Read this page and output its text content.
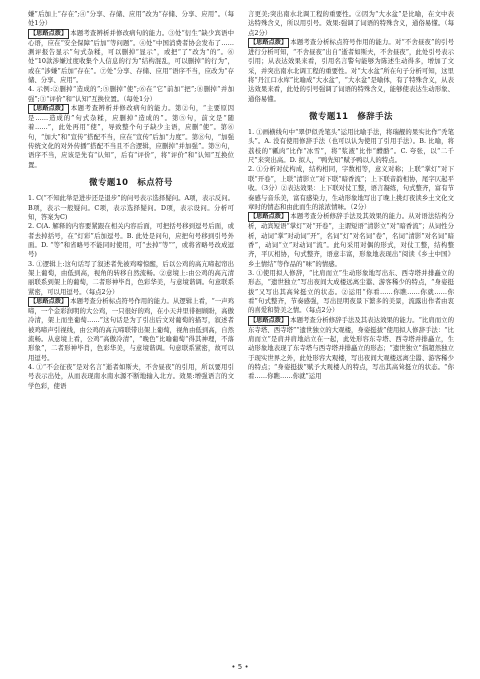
嫌”后加上“存在”;④“分享、存储、应用”改为“存储、分享、应用”。（每处1分）

【思路点拨】 本题考查辨析并修改病句的能力。③处“衍生”缺少宾语中心语，应在“安全保障”后加“等问题”。④处“中国消费者协会发布了……测评报告显示”句式杂糅，可以删掉“显示”，或把“了”改为“的”。⑥处“10款涉嫌过度收集个人信息的行为”结构混乱，可以删掉“的行为”，或在“涉嫌”后加“存在”。⑦处“分享、存储、应用”语序不当，应改为“存储、分享、应用”。

4. 示例:②删掉“造成的”;⑤删掉“使”;⑥在“它”前加“把”;⑧删掉“并加强”;③“评价”和“认知”互换位置。（每处1分）

【思路点拨】 本题考查辨析并修改病句的能力。第②句，“主要原因是……造成的”句式杂糅，应删掉“造成的”。第⑤句，前文是“随着……”，此处再用“使”，导致整个句子缺少主语，应删“使”。第⑥句，“加大”和“宣传”搭配不当，应在“宣传”后加“力度”。第⑧句，“加强传统文化的对外传播”搭配不当且不合逻辑，应删掉“并加强”。第⑨句，语序不当，应该是先有“认知”，后有“评价”，将“评价”和“认知”互换位置。

微专题10　标点符号

1. C(“不知此举是进步还是退步”的问号表示选择疑问。A项，表示反问。B项，表示一般疑问。C项，表示选择疑问。D项，表示设问。分析可知，答案为C)

2. C(A. 解释的内容要紧跟在相关内容后面，可把括号移到逗号后面，或者去掉括号，在“灯彩”后加逗号。B. 此处是问句，应把句号移到引号外面。D. “等”和省略号不能同时使用，可“去掉“等””，或将省略号改成逗号)

3. ①逻辑上:这句话写了叙述者先被鸡啼惊醒，后以公鸡的高亢啼起帘出架上葡萄，由低到高，视角的转移自然流畅。②意境上:由公鸡的高亢清丽联系到架上的葡萄，二者形神毕肖，色彩华美，与意境谐调。句意联系紧密，可以用逗号。（每点2分）

【思路点拨】 本题考查分析标点符号作用的能力。从逻辑上看，“一声鸡啼，一个金彩润明的大公鸡，一只很好的鸡，在小天井里徘徊顾盼，高傲冷清，架上而坐葡萄……”这句话是为了引出后文对葡萄的描写，叙述者被鸡啼声引视线，由公鸡的高亢啼联带出架上葡萄，视角由低到高，自然流畅。从意境上看，公鸡“高傲冷清”，“晚色”比喻葡萄“得其神理，不落形象”，二者形神毕肖，色彩华美，与意境谐调。句意联系紧密，故可以用逗号。

4. ①“不会征夜”是对名言“逝者如斯夫，不舍昼夜”的引用，所以要用引号表示出处，从而表现南水南水源不断地输入北方。效果:增强语言的文学色彩，使语

言更美;突出南水北调工程的重要性。②因为“大水盆”是比喻，在文中表达特殊含义，所以用引号。效果:强调了词语的特殊含义，通俗易懂。（每点2分）

【思路点拨】 本题考查分析标点符号作用的能力。对“不舍昼夜”的引号进行分析可知，“不舍昼夜”出自“逝者如斯夫，不舍昼夜”，此处引号表示引用；从表达效果来看，引用名言警句能够为陈述生动得多，增加了文采，并突出南水北调工程的重要性。对“大水盆”所在句子分析可知，这里将“丹江口水库”比喻成“大水盆”，“大水盆”是喻体，有了特殊含义，从表达效果来看，此处的引号强调了词语的特殊含义，能够使表达生动形象、通俗易懂。

微专题11　修辞手法

1. ①画横线句中“翠伊似秃笔头”运用比喻手法，将瑞靓的果实比作“秃笔头”。A. 没有使用修辞手法（也可以认为使用了引用手法）。B. 比喻，将荔枝的“瓤肉”比作“冰雪”，将“浆液”比作“醴酪”。C. 夸张，以“二千尺”来突出高。D. 拟人，“鸭先知”赋予鸭以人的特点。

2. ①分析对仗构成，结构相同，字数相等，意义对称；上联“掌灯”对下联“开卷”，上联“清影立”对下联“暗香流”；上下联音韵相协，尾字仄起平收。（3分）②表达效果：上下联对仗工整，语言凝练，句式整齐，富有节奏感与音乐美，富有感染力，生动形象地写出了晚上挑灯夜读乡土文化文章时的情态和由此而生的浓浓情味。（2分）

【思路点拨】 本题考查分析修辞手法及其效果的能力。从对语法结构分析，动宾短语“掌灯”对“开卷”，主谓短语“清影立”对“暗香流”；从词性分析，动词“掌”对动词“开”，名词“灯”对名词“卷”，名词“清影”对名词“暗香”，动词“立”对动词“流”。此句采用对偶的形式，对仗工整，结构整齐，平仄相协，句式整齐，语意丰富，形象地表现出“阅读《乡土中国》乡土情结”等作品的“味”的情感。

3. ①使用拟人修辞，“比肩而立”生动形象地写出东、西寺塔并排矗立的形态，“遗世独立”写出夜间大成楼远离尘嚣、游客稀少的特点，“身姿挺拔”又写出其高耸挺立的状态。②运用“你看……你瞧……你就……你看”句式整齐，节奏感强，写出昆明夜景下繁多的美景，流露出作者由衷的喜爱和赞美之情。（每点2分）

【思路点拨】 本题考查分析修辞手法及其表达效果的能力。“比肩而立的东寺塔、西寺塔”“遗世独立的大观楼，身姿挺拔”使用拟人修辞手法：“比肩而立”是肩并肩地站立在一起，此处形容东寺塔、西寺塔并排矗立，生动形象地表现了东寺塔与西寺塔并排矗立的形态；“遗世独立”指超然独立于现实世界之外，此处形容大观楼，写出夜间大观楼远离尘嚣、游客稀少的特点；“身姿挺拔”赋予大观楼人的特点，写出其高耸挺立的状态。“你看……你瞧……你就”运用

• 5 •
